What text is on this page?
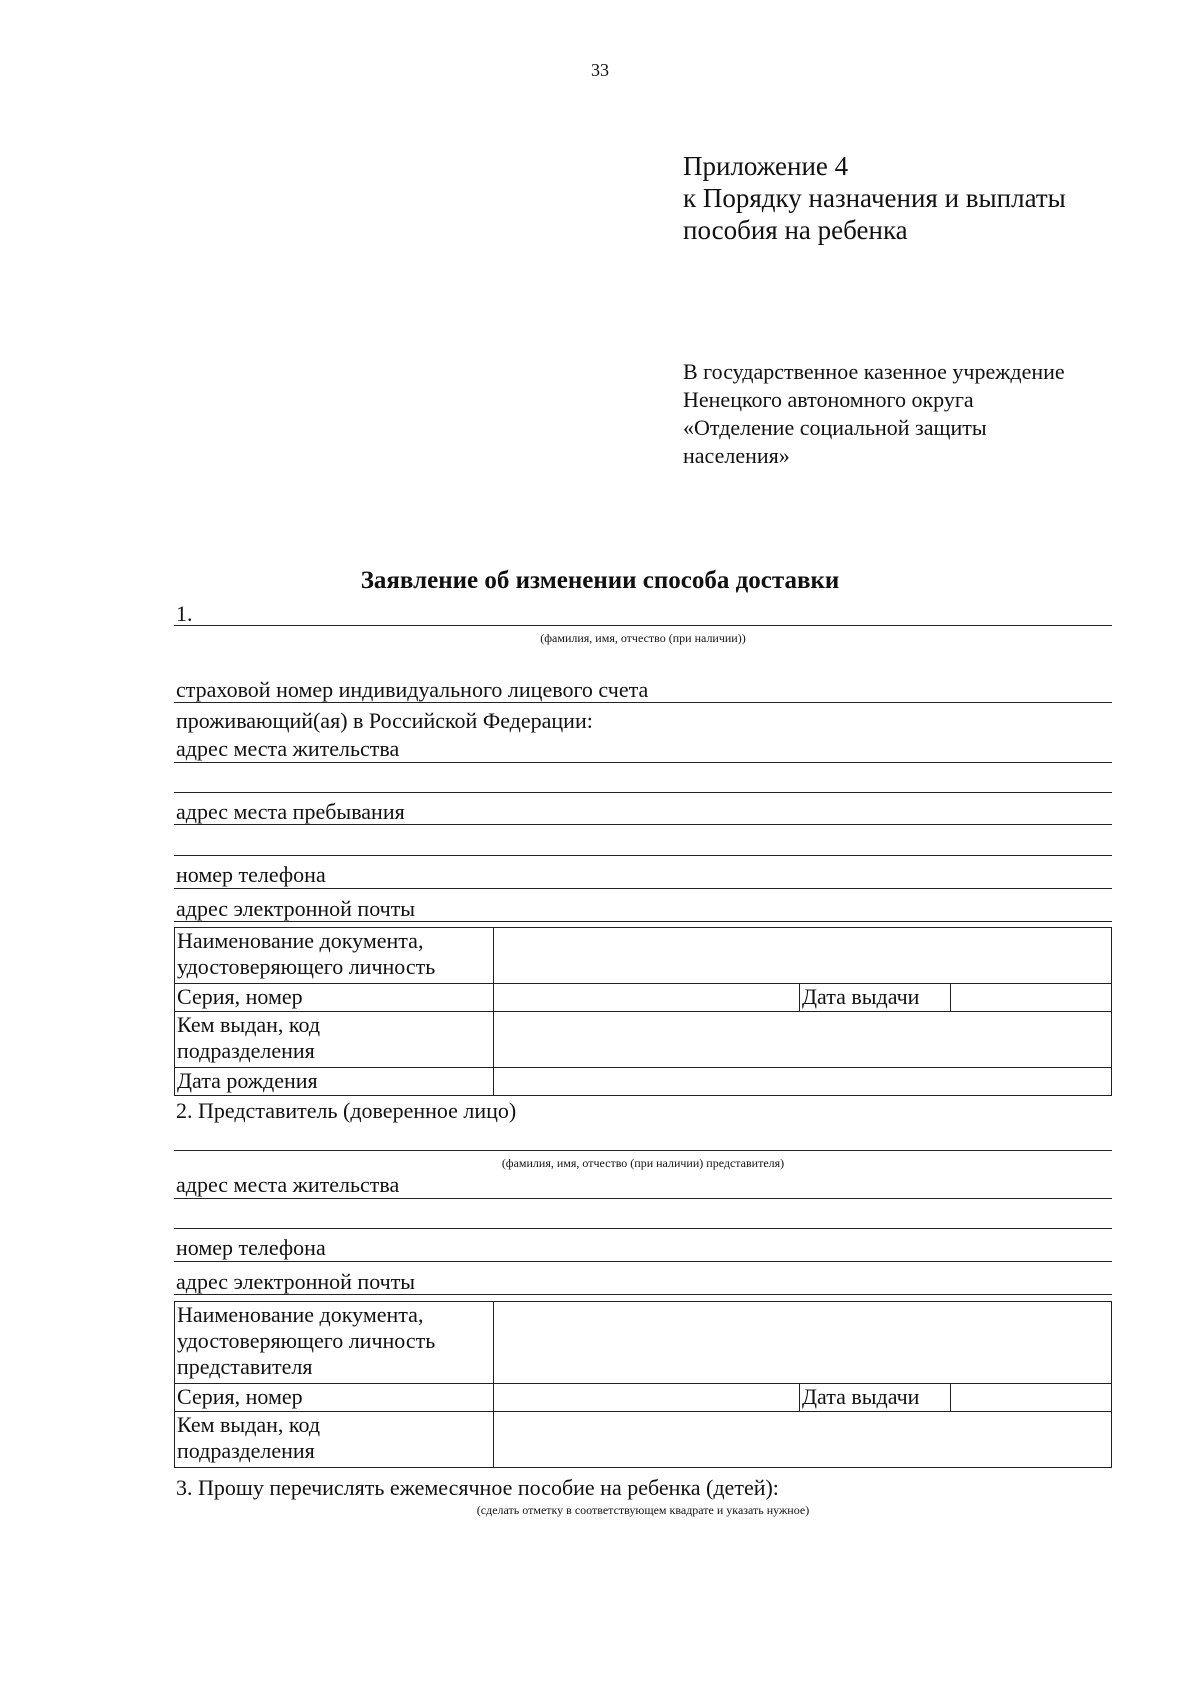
33
Приложение 4
к Порядку назначения и выплаты
пособия на ребенка
В государственное казенное учреждение
Ненецкого автономного округа
«Отделение социальной защиты
населения»
Заявление об изменении способа доставки
1.
(фамилия, имя, отчество (при наличии))
страховой номер индивидуального лицевого счета
проживающий(ая) в Российской Федерации:
адрес места жительства
адрес места пребывания
номер телефона
адрес электронной почты
Наименование документа,
удостоверяющего личность			

Серия, номер		Дата выдачи	

Кем выдан, код
подразделения			

Дата рождения			
2. Представитель (доверенное лицо)
(фамилия, имя, отчество (при наличии) представителя)
адрес места жительства
номер телефона
адрес электронной почты
Наименование документа,
удостоверяющего личность
представителя			

Серия, номер		Дата выдачи	

Кем выдан, код
подразделения			

3. Прошу перечислять ежемесячное пособие на ребенка (детей):
(сделать отметку в соответствующем квадрате и указать нужное)
